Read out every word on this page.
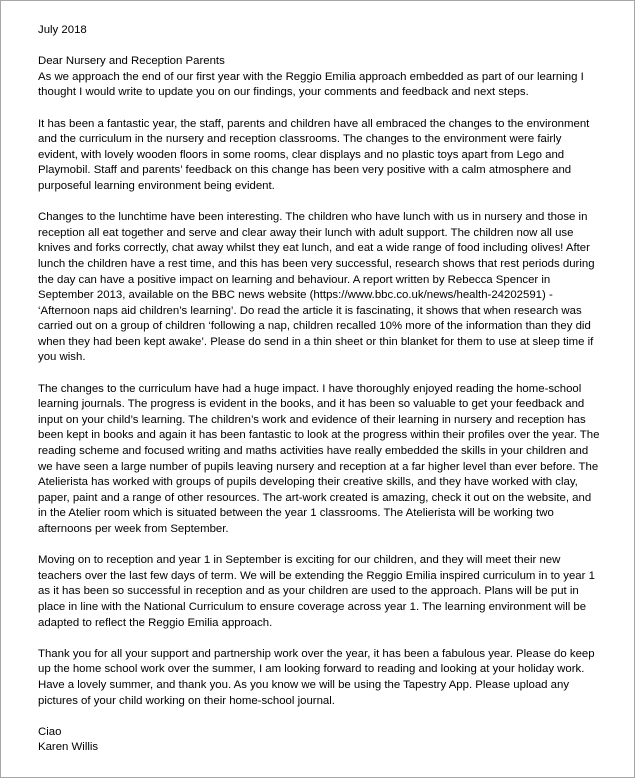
July 2018

Dear Nursery and Reception Parents

As we approach the end of our first year with the Reggio Emilia approach embedded as part of our learning I thought I would write to update you on our findings, your comments and feedback and next steps.

It has been a fantastic year, the staff, parents and children have all embraced the changes to the environment and the curriculum in the nursery and reception classrooms. The changes to the environment were fairly evident, with lovely wooden floors in some rooms, clear displays and no plastic toys apart from Lego and Playmobil. Staff and parents’ feedback on this change has been very positive with a calm atmosphere and purposeful learning environment being evident.

Changes to the lunchtime have been interesting. The children who have lunch with us in nursery and those in reception all eat together and serve and clear away their lunch with adult support. The children now all use knives and forks correctly, chat away whilst they eat lunch, and eat a wide range of food including olives! After lunch the children have a rest time, and this has been very successful, research shows that rest periods during the day can have a positive impact on learning and behaviour. A report written by Rebecca Spencer in September 2013, available on the BBC news website (https://www.bbc.co.uk/news/health-24202591) - ‘Afternoon naps aid children’s learning’. Do read the article it is fascinating, it shows that when research was carried out on a group of children ‘following a nap, children recalled 10% more of the information than they did when they had been kept awake’. Please do send in a thin sheet or thin blanket for them to use at sleep time if you wish.

The changes to the curriculum have had a huge impact. I have thoroughly enjoyed reading the home-school learning journals. The progress is evident in the books, and it has been so valuable to get your feedback and input on your child’s learning. The children’s work and evidence of their learning in nursery and reception has been kept in books and again it has been fantastic to look at the progress within their profiles over the year. The reading scheme and focused writing and maths activities have really embedded the skills in your children and we have seen a large number of pupils leaving nursery and reception at a far higher level than ever before. The Atelierista has worked with groups of pupils developing their creative skills, and they have worked with clay, paper, paint and a range of other resources. The art-work created is amazing, check it out on the website, and in the Atelier room which is situated between the year 1 classrooms. The Atelierista will be working two afternoons per week from September.

Moving on to reception and year 1 in September is exciting for our children, and they will meet their new teachers over the last few days of term. We will be extending the Reggio Emilia inspired curriculum in to year 1 as it has been so successful in reception and as your children are used to the approach. Plans will be put in place in line with the National Curriculum to ensure coverage across year 1. The learning environment will be adapted to reflect the Reggio Emilia approach.

Thank you for all your support and partnership work over the year, it has been a fabulous year. Please do keep up the home school work over the summer, I am looking forward to reading and looking at your holiday work. Have a lovely summer, and thank you. As you know we will be using the Tapestry App. Please upload any pictures of your child working on their home-school journal.

Ciao

Karen Willis
